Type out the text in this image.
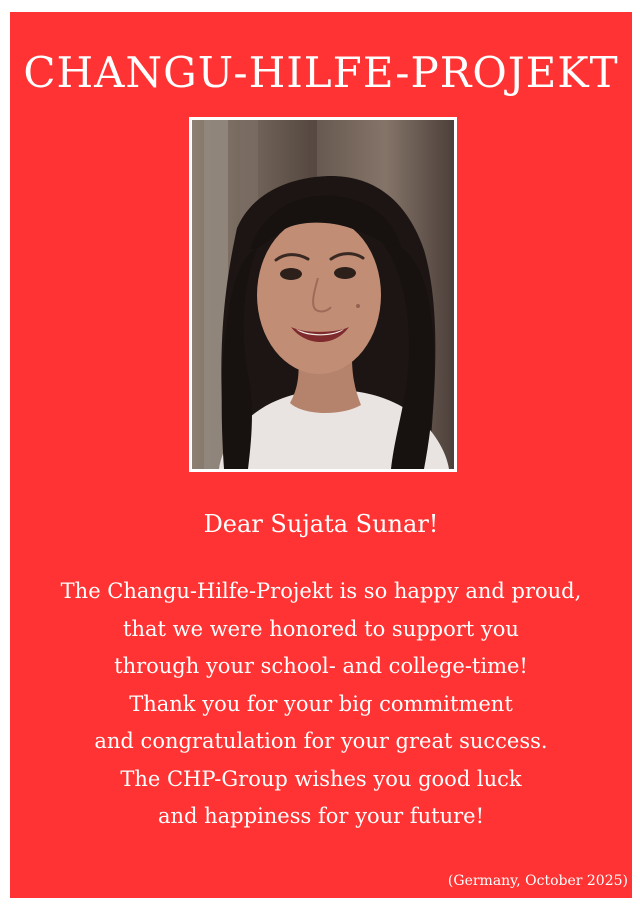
CHANGU-HILFE-PROJEKT
Dear Sujata Sunar!
The Changu-Hilfe-Projekt is so happy and proud,
that we were honored to support you
through your school- and college-time!
Thank you for your big commitment
and congratulation for your great success.
The CHP-Group wishes you good luck
and happiness for your future!
(Germany, October 2025)
